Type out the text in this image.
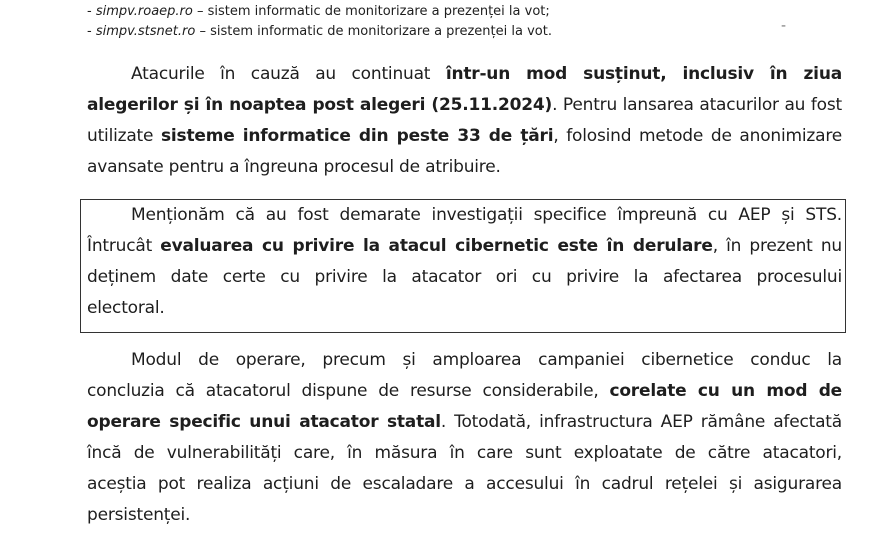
- simpv.roaep.ro – sistem informatic de monitorizare a prezenței la vot;
- simpv.stsnet.ro – sistem informatic de monitorizare a prezenței la vot.	-
Atacurile în cauză au continuat într-un mod susținut, inclusiv în ziua
alegerilor și în noaptea post alegeri (25.11.2024). Pentru lansarea atacurilor au fost
utilizate sisteme informatice din peste 33 de țări, folosind metode de anonimizare
avansate pentru a îngreuna procesul de atribuire.
Menționăm că au fost demarate investigații specifice împreună cu AEP și STS.
Întrucât evaluarea cu privire la atacul cibernetic este în derulare, în prezent nu
deținem date certe cu privire la atacator ori cu privire la afectarea procesului
electoral.
Modul de operare, precum și amploarea campaniei cibernetice conduc la
concluzia că atacatorul dispune de resurse considerabile, corelate cu un mod de
operare specific unui atacator statal. Totodată, infrastructura AEP rămâne afectată
încă de vulnerabilități care, în măsura în care sunt exploatate de către atacatori,
aceștia pot realiza acțiuni de escaladare a accesului în cadrul rețelei și asigurarea
persistenței.
